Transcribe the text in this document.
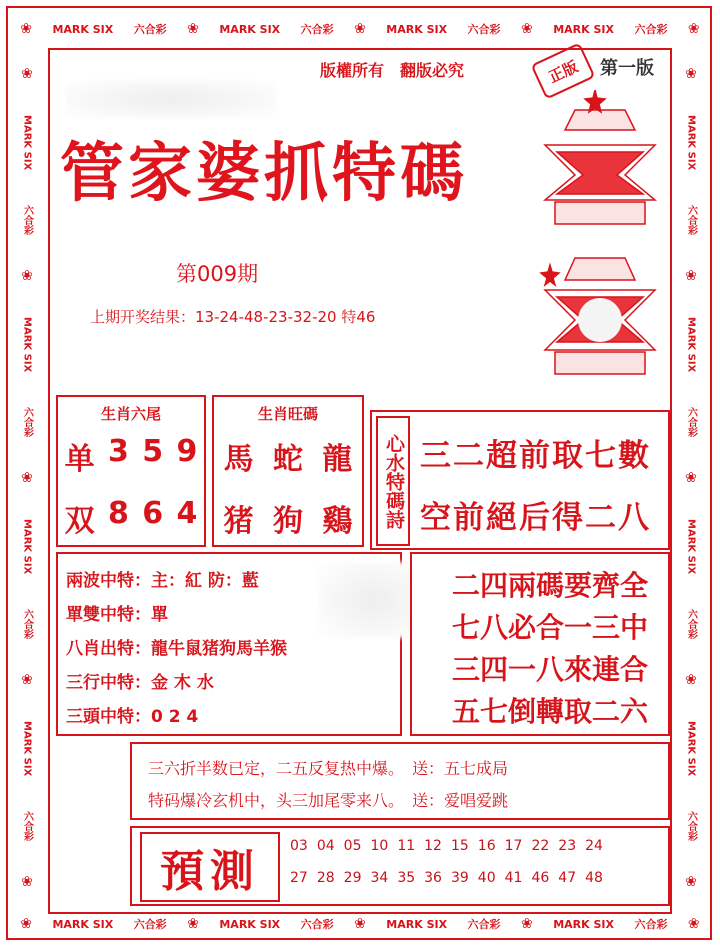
❀ MARK SIX 六合彩 ❀ MARK SIX 六合彩 ❀ MARK SIX 六合彩 ❀ MARK SIX 六合彩 ❀
❀ MARK SIX 六合彩 ❀ MARK SIX 六合彩 ❀ MARK SIX 六合彩 ❀ MARK SIX 六合彩 ❀
❀
MARK SIX
六合彩
❀
MARK SIX
六合彩
❀
MARK SIX
六合彩
❀
MARK SIX
六合彩
❀
❀
MARK SIX
六合彩
❀
MARK SIX
六合彩
❀
MARK SIX
六合彩
❀
MARK SIX
六合彩
❀
版權所有　翻版必究	正版	第一版
管家婆抓特碼
第009期
上期开奖结果：13-24-48-23-32-20 特46
生肖六尾
单 3 5 9
双 8 6 4
生肖旺碼
馬 蛇 龍
猪 狗 鷄	心水特碼詩 三二超前取七數
空前絕后得二八
兩波中特：主：紅 防：藍
單雙中特：單
八肖出特：龍牛鼠猪狗馬羊猴
三行中特：金 木 水
三頭中特：0 2 4
二四兩碼要齊全
七八必合一三中
三四一八來連合
五七倒轉取二六
三六折半数已定，二五反复热中爆。　 送：五七成局
特码爆冷玄机中，头三加尾零来八。　 送：爱唱爱跳
預測	03 04 05 10 11 12 15 16 17 22 23 24
27 28 29 34 35 36 39 40 41 46 47 48
